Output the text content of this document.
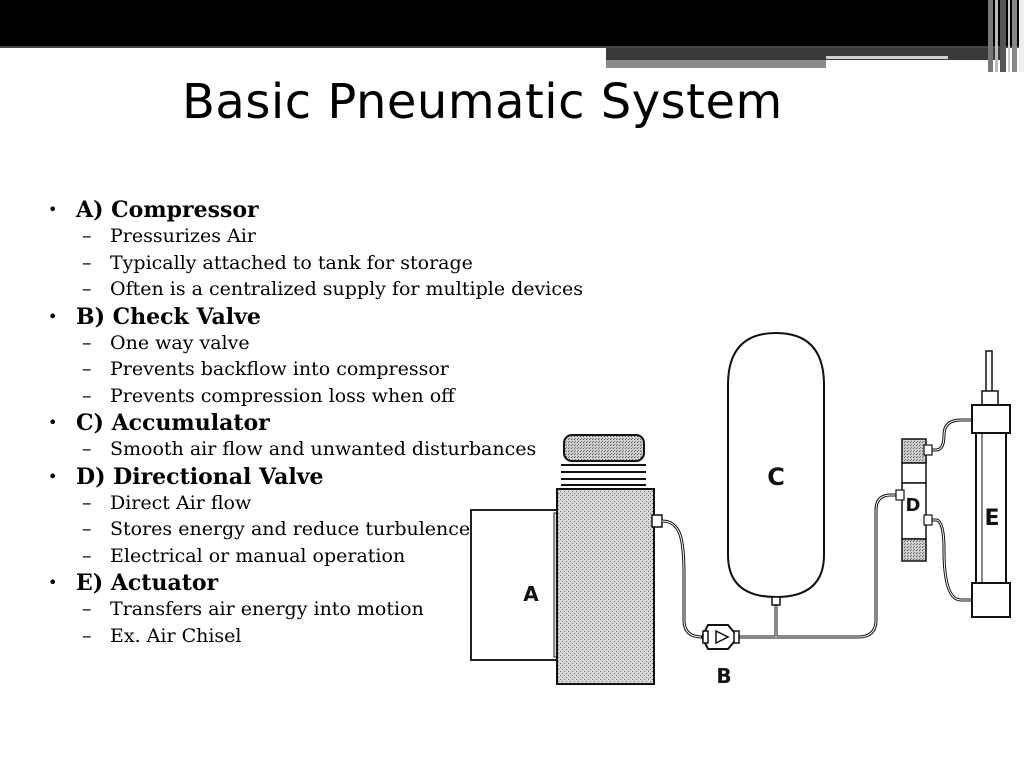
Basic Pneumatic System
• A) Compressor
– Pressurizes Air
– Typically attached to tank for storage
– Often is a centralized supply for multiple devices
• B) Check Valve
– One way valve
– Prevents backflow into compressor
– Prevents compression loss when off
• C) Accumulator
– Smooth air flow and unwanted disturbances
• D) Directional Valve
– Direct Air flow
– Stores energy and reduce turbulence
– Electrical or manual operation
• E) Actuator
– Transfers air energy into motion
– Ex. Air Chisel
A
B
C
D
E
